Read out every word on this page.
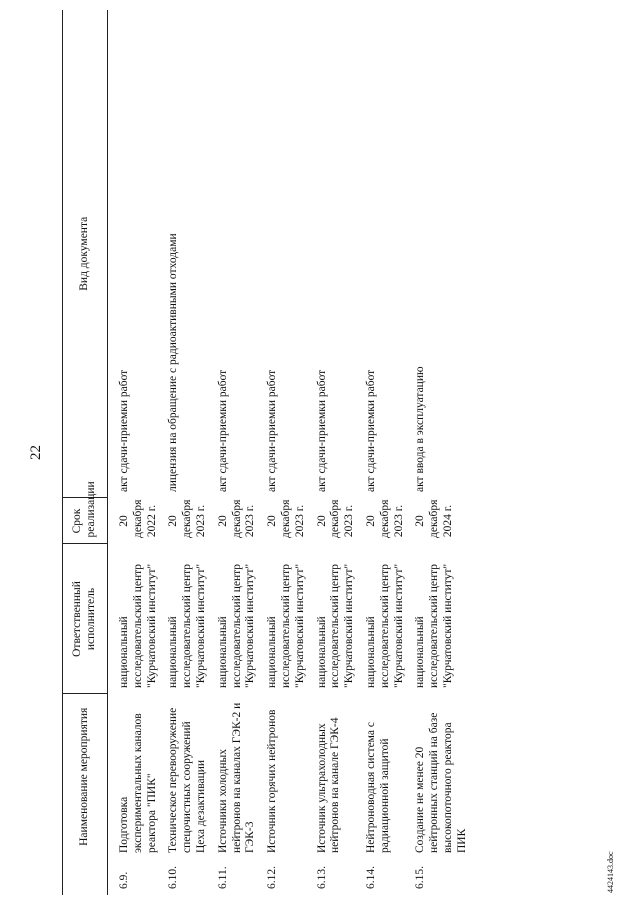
22
	Наименование мероприятия	Ответственный исполнитель	Срок реализации	Вид документа
6.9.	Подготовка экспериментальных каналов реактора "ПИК"	национальный исследовательский центр "Курчатовский институт"	20 декабря 2022 г.	акт сдачи-приемки работ
6.10.	Техническое перевооружение спецочистных сооружений Цеха дезактивации	национальный исследовательский центр "Курчатовский институт"	20 декабря 2023 г.	лицензия на обращение с радиоактивными отходами
6.11.	Источники холодных нейтронов на каналах ГЭК-2 и ГЭК-3	национальный исследовательский центр "Курчатовский институт"	20 декабря 2023 г.	акт сдачи-приемки работ
6.12.	Источник горячих нейтронов	национальный исследовательский центр "Курчатовский институт"	20 декабря 2023 г.	акт сдачи-приемки работ
6.13.	Источник ультрахолодных нейтронов на канале ГЭК-4	национальный исследовательский центр "Курчатовский институт"	20 декабря 2023 г.	акт сдачи-приемки работ
6.14.	Нейтроноводная система с радиационной защитой	национальный исследовательский центр "Курчатовский институт"	20 декабря 2023 г.	акт сдачи-приемки работ
6.15.	Создание не менее 20 нейтронных станций на базе высокопоточного реактора ПИК	национальный исследовательский центр "Курчатовский институт"	20 декабря 2024 г.	акт ввода в эксплуатацию
4424143.doc
